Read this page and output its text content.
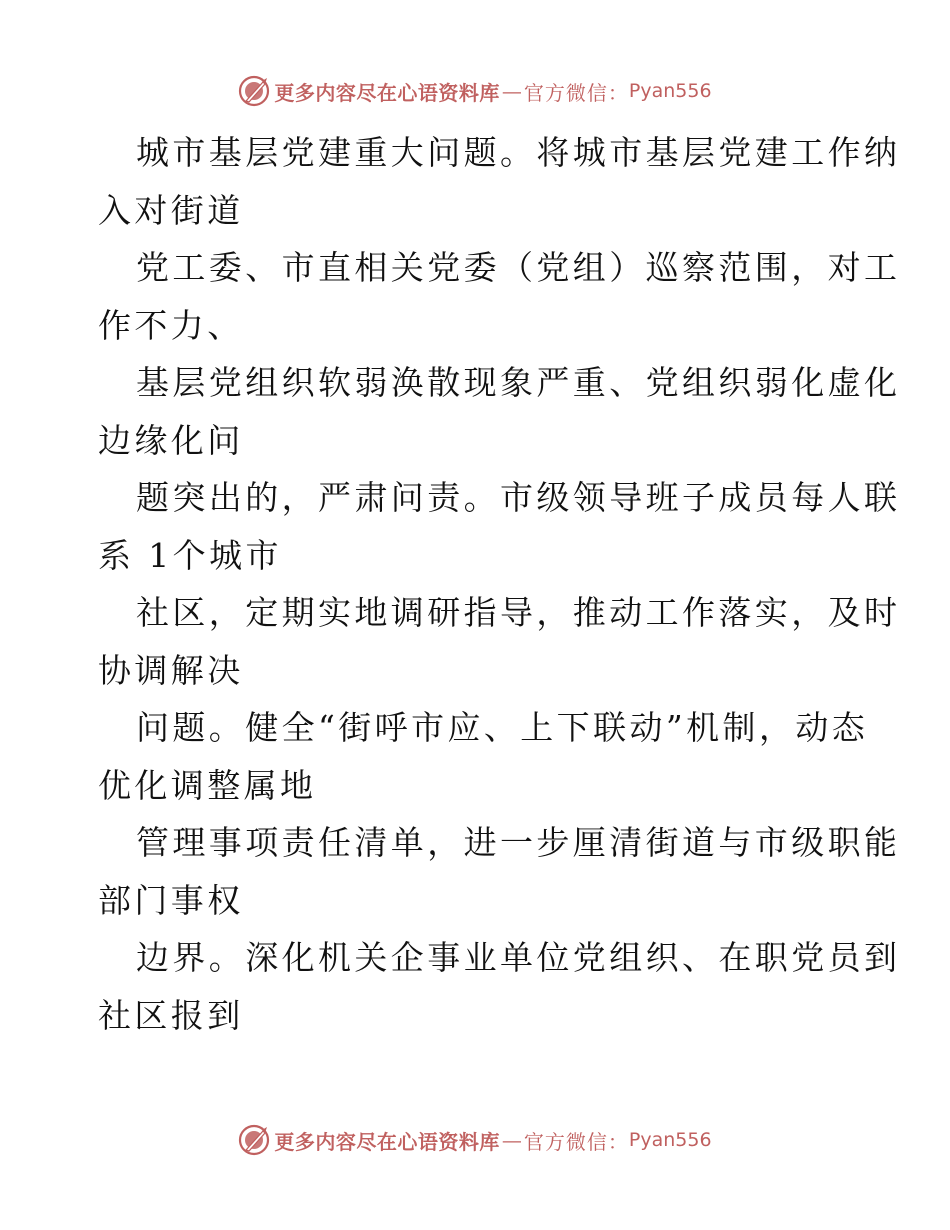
更多内容尽在心语资料库 — 官方微信： Pyan556
城市基层党建重大问题。将城市基层党建工作纳
入对街道
党工委、市直相关党委（党组）巡察范围，对工
作不力、
基层党组织软弱涣散现象严重、党组织弱化虚化
边缘化问
题突出的，严肃问责。市级领导班子成员每人联
系 1个城市
社区，定期实地调研指导，推动工作落实，及时
协调解决
问题。健全“街呼市应、上下联动”机制，动态
优化调整属地
管理事项责任清单，进一步厘清街道与市级职能
部门事权
边界。深化机关企事业单位党组织、在职党员到
社区报到
更多内容尽在心语资料库 — 官方微信： Pyan556
